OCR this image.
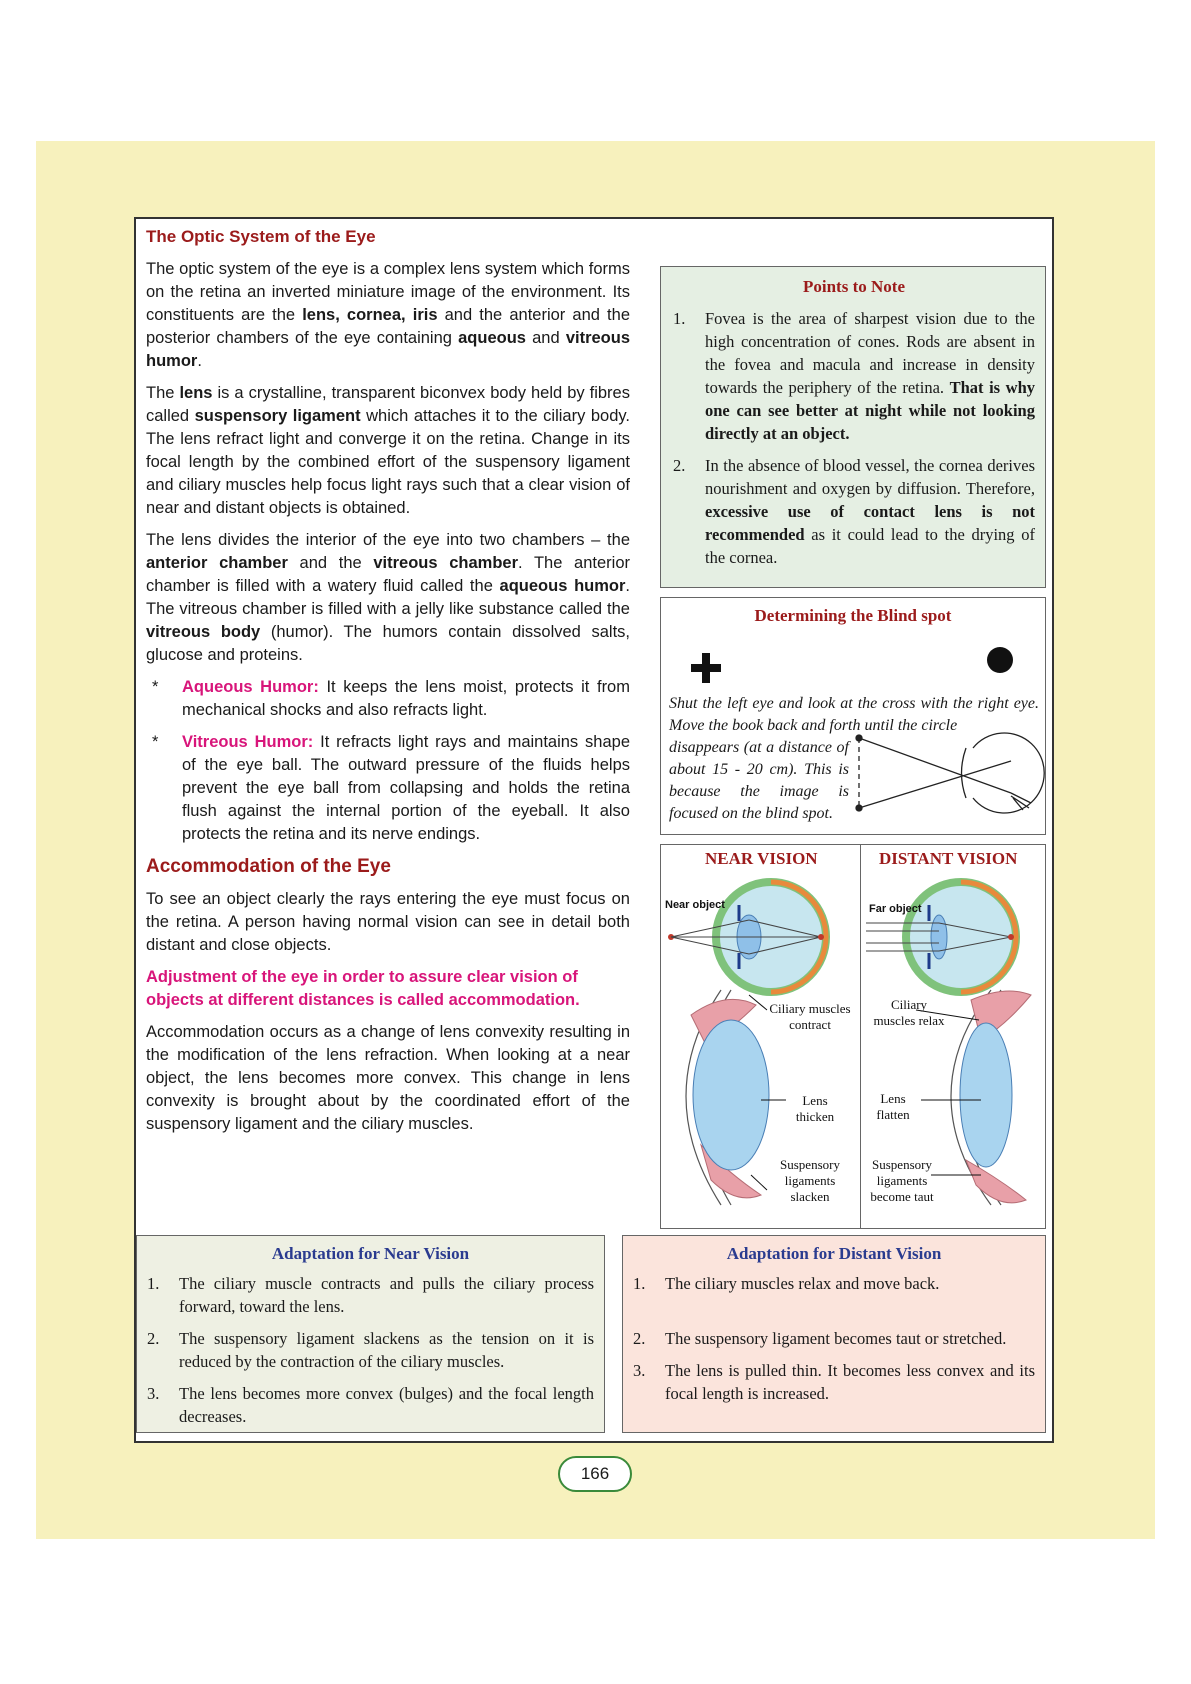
The Optic System of the Eye

The optic system of the eye is a complex lens system which forms on the retina an inverted miniature image of the environment. Its constituents are the lens, cornea, iris and the anterior and the posterior chambers of the eye containing aqueous and vitreous humor.

The lens is a crystalline, transparent biconvex body held by fibres called suspensory ligament which attaches it to the ciliary body. The lens refract light and converge it on the retina. Change in its focal length by the combined effort of the suspensory ligament and ciliary muscles help focus light rays such that a clear vision of near and distant objects is obtained.

The lens divides the interior of the eye into two chambers – the anterior chamber and the vitreous chamber. The anterior chamber is filled with a watery fluid called the aqueous humor. The vitreous chamber is filled with a jelly like substance called the vitreous body (humor). The humors contain dissolved salts, glucose and proteins.

*	Aqueous Humor: It keeps the lens moist, protects it from mechanical shocks and also refracts light.
*	Vitreous Humor: It refracts light rays and maintains shape of the eye ball. The outward pressure of the fluids helps prevent the eye ball from collapsing and holds the retina flush against the internal portion of the eyeball. It also protects the retina and its nerve endings.
Accommodation of the Eye

To see an object clearly the rays entering the eye must focus on the retina. A person having normal vision can see in detail both distant and close objects.

Adjustment of the eye in order to assure clear vision of objects at different distances is called accommodation.

Accommodation occurs as a change of lens convexity resulting in the modification of the lens refraction. When looking at a near object, the lens becomes more convex. This change in lens convexity is brought about by the coordinated effort of the suspensory ligament and the ciliary muscles.

Points to Note
1.	Fovea is the area of sharpest vision due to the high concentration of cones. Rods are absent in the fovea and macula and increase in density towards the periphery of the retina. That is why one can see better at night while not looking directly at an object.
2.	In the absence of blood vessel, the cornea derives nourishment and oxygen by diffusion. Therefore, excessive use of contact lens is not recommended as it could lead to the drying of the cornea.
Determining the Blind spot
Shut the left eye and look at the cross with the right eye. Move the book back and forth until the circle
disappears (at a distance of about 15 - 20 cm). This is because the image is focused on the blind spot.
NEAR VISION	DISTANT VISION
Near object	Far object
Ciliary muscles contract
Ciliary muscles relax
Lens thicken
Lens flatten
Suspensory ligaments slacken
Suspensory ligaments become taut
Adaptation for Near Vision
1.	The ciliary muscle contracts and pulls the ciliary process forward, toward the lens.
2.	The suspensory ligament slackens as the tension on it is reduced by the contraction of the ciliary muscles.
3.	The lens becomes more convex (bulges) and the focal length decreases.
Adaptation for Distant Vision
1.	The ciliary muscles relax and move back.
2.	The suspensory ligament becomes taut or stretched.
3.	The lens is pulled thin. It becomes less convex and its focal length is increased.
166
